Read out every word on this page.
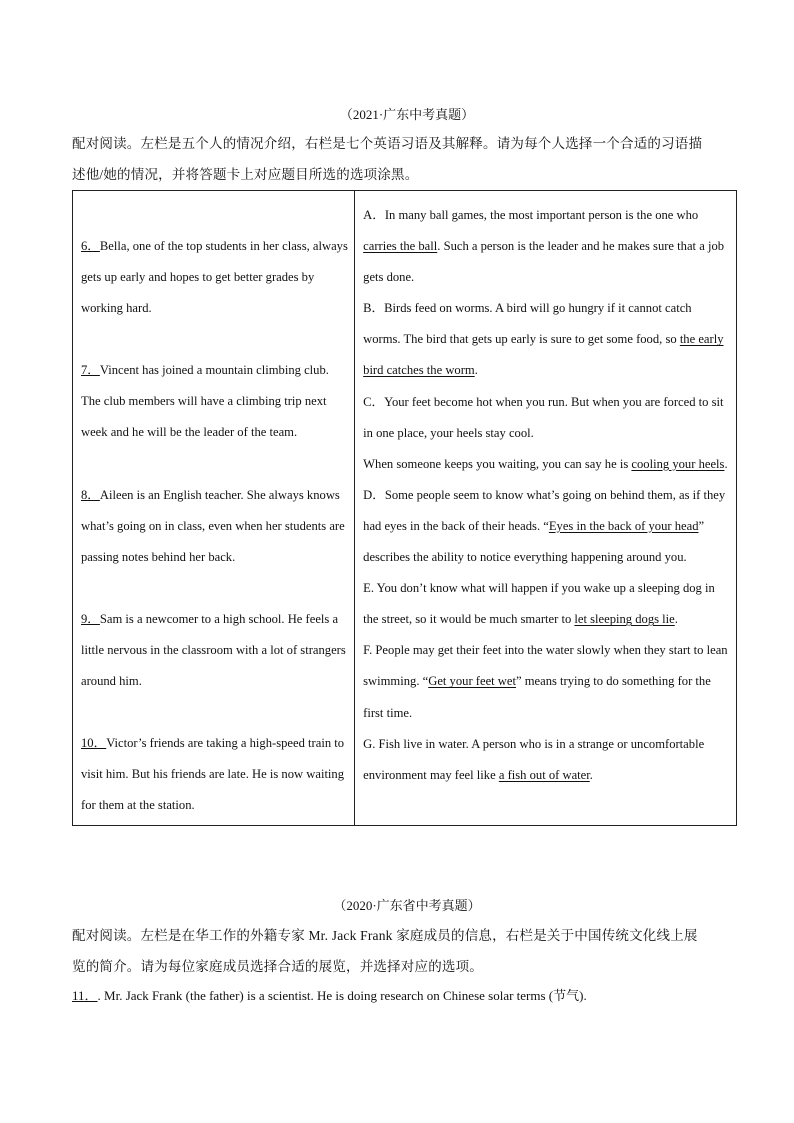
（2021·广东中考真题）
配对阅读。左栏是五个人的情况介绍，右栏是七个英语习语及其解释。请为每个人选择一个合适的习语描
述他/她的情况，并将答题卡上对应题目所选的选项涂黑。

6．Bella, one of the top students in her class, always gets up early and hopes to get better grades by working hard.

7．Vincent has joined a mountain climbing club. The club members will have a climbing trip next week and he will be the leader of the team.

8．Aileen is an English teacher. She always knows what’s going on in class, even when her students are passing notes behind her back.

9．Sam is a newcomer to a high school. He feels a little nervous in the classroom with a lot of strangers around him.

10．Victor’s friends are taking a high-speed train to visit him. But his friends are late. He is now waiting for them at the station.

A．In many ball games, the most important person is the one who carries the ball. Such a person is the leader and he makes sure that a job gets done.

B．Birds feed on worms. A bird will go hungry if it cannot catch worms. The bird that gets up early is sure to get some food, so the early bird catches the worm.

C．Your feet become hot when you run. But when you are forced to sit in one place, your heels stay cool.

When someone keeps you waiting, you can say he is cooling your heels.

D．Some people seem to know what’s going on behind them, as if they had eyes in the back of their heads. “Eyes in the back of your head” describes the ability to notice everything happening around you.

E. You don’t know what will happen if you wake up a sleeping dog in the street, so it would be much smarter to let sleeping dogs lie.

F. People may get their feet into the water slowly when they start to lean swimming. “Get your feet wet” means trying to do something for the first time.

G. Fish live in water. A person who is in a strange or uncomfortable environment may feel like a fish out of water.

（2020·广东省中考真题）
配对阅读。左栏是在华工作的外籍专家 Mr. Jack Frank 家庭成员的信息，右栏是关于中国传统文化线上展
览的简介。请为每位家庭成员选择合适的展览，并选择对应的选项。
11．. Mr. Jack Frank (the father) is a scientist. He is doing research on Chinese solar terms (节气).
